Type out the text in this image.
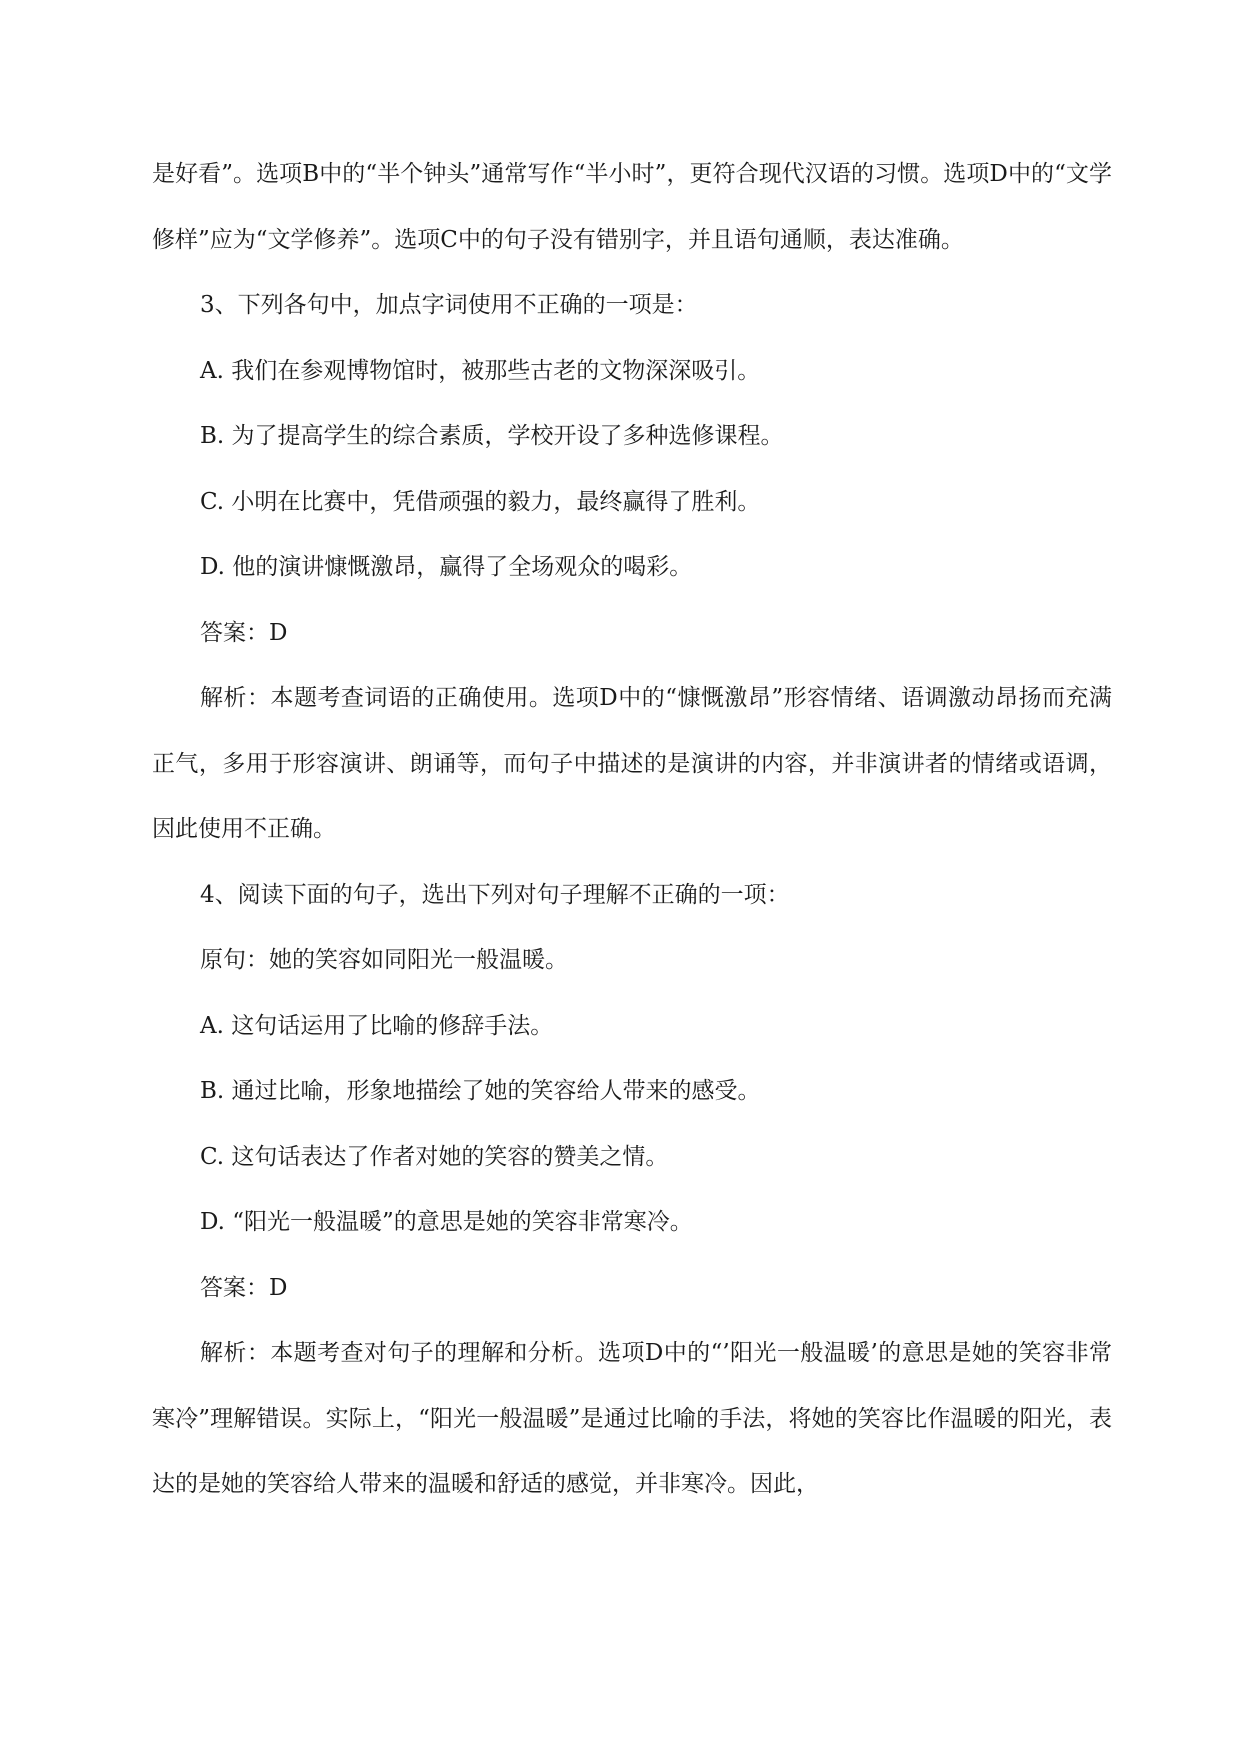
是好看”。选项B中的“半个钟头”通常写作“半小时”，更符合现代汉语的习惯。选项D中的“文学修样”应为“文学修养”。选项C中的句子没有错别字，并且语句通顺，表达准确。

3、下列各句中，加点字词使用不正确的一项是：

A. 我们在参观博物馆时，被那些古老的文物深深吸引。

B. 为了提高学生的综合素质，学校开设了多种选修课程。

C. 小明在比赛中，凭借顽强的毅力，最终赢得了胜利。

D. 他的演讲慷慨激昂，赢得了全场观众的喝彩。

答案：D

解析：本题考查词语的正确使用。选项D中的“慷慨激昂”形容情绪、语调激动昂扬而充满正气，多用于形容演讲、朗诵等，而句子中描述的是演讲的内容，并非演讲者的情绪或语调，因此使用不正确。

4、阅读下面的句子，选出下列对句子理解不正确的一项：

原句：她的笑容如同阳光一般温暖。

A. 这句话运用了比喻的修辞手法。

B. 通过比喻，形象地描绘了她的笑容给人带来的感受。

C. 这句话表达了作者对她的笑容的赞美之情。

D. “阳光一般温暖”的意思是她的笑容非常寒冷。

答案：D

解析：本题考查对句子的理解和分析。选项D中的“’阳光一般温暖’的意思是她的笑容非常寒冷”理解错误。实际上，“阳光一般温暖”是通过比喻的手法，将她的笑容比作温暖的阳光，表达的是她的笑容给人带来的温暖和舒适的感觉，并非寒冷。因此，
